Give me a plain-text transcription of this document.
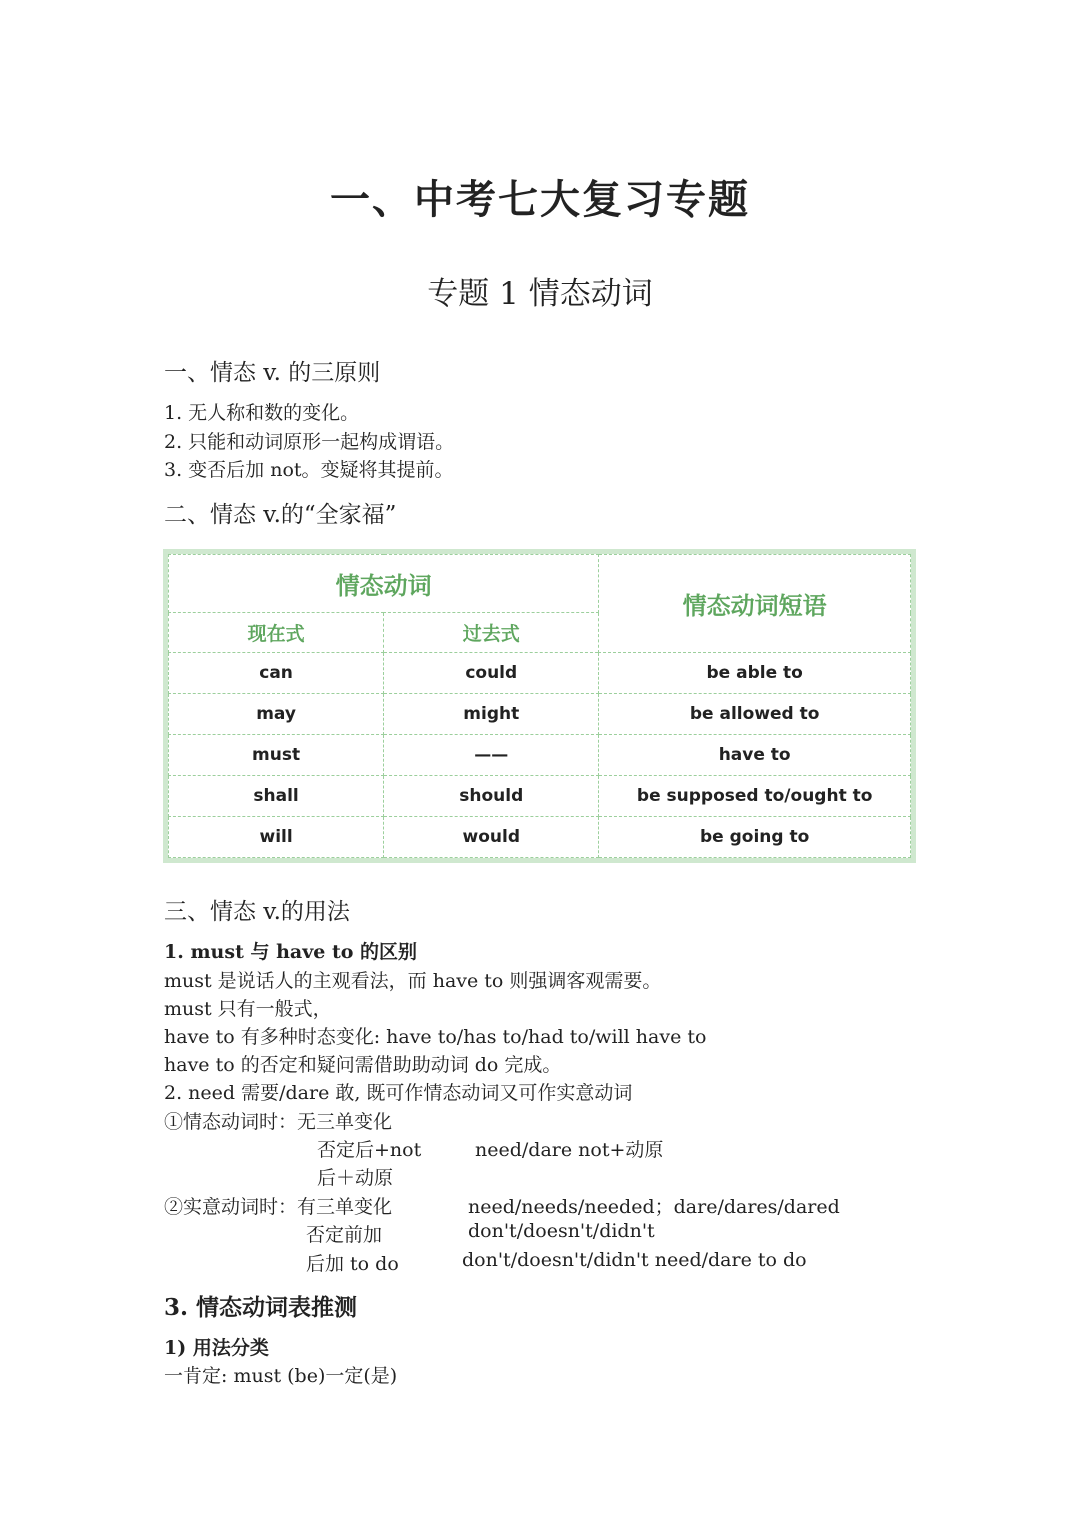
一、中考七大复习专题
专题 1 情态动词
一、情态 v. 的三原则
1. 无人称和数的变化。
2. 只能和动词原形一起构成谓语。
3. 变否后加 not。变疑将其提前。
二、情态 v.的“全家福”
情态动词		情态动词短语
现在式	过去式	
can	could	be able to
may	might	be allowed to
must	——	have to
shall	should	be supposed to/ought to
will	would	be going to
三、情态 v.的用法
1. must 与 have to 的区别
must 是说话人的主观看法，而 have to 则强调客观需要。
must 只有一般式，
have to 有多种时态变化: have to/has to/had to/will have to
have to 的否定和疑问需借助助动词 do 完成。
2. need 需要/dare 敢, 既可作情态动词又可作实意动词
①情态动词时：无三单变化
否定后+not	need/dare not+动原
后＋动原
②实意动词时：有三单变化	need/needs/needed；dare/dares/dared
否定前加	don't/doesn't/didn't
后加 to do	don't/doesn't/didn't need/dare to do
3. 情态动词表推测
1) 用法分类
一肯定: must (be)一定(是)
